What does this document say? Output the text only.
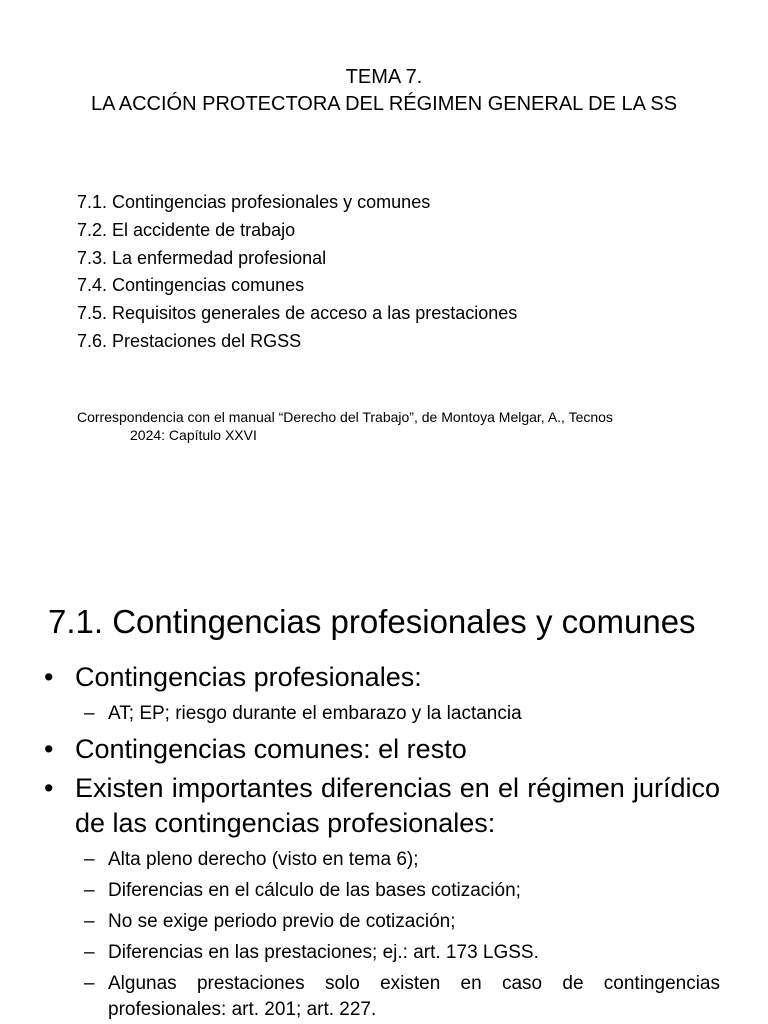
TEMA 7.
LA ACCIÓN PROTECTORA DEL RÉGIMEN GENERAL DE LA SS
7.1. Contingencias profesionales y comunes
7.2. El accidente de trabajo
7.3. La enfermedad profesional
7.4. Contingencias comunes
7.5. Requisitos generales de acceso a las prestaciones
7.6. Prestaciones del RGSS
Correspondencia con el manual “Derecho del Trabajo”, de Montoya Melgar, A., Tecnos
2024: Capítulo XXVI
7.1. Contingencias profesionales y comunes
• Contingencias profesionales:
– AT; EP; riesgo durante el embarazo y la lactancia
• Contingencias comunes: el resto
• Existen importantes diferencias en el régimen jurídico de las contingencias profesionales:
– Alta pleno derecho (visto en tema 6);
– Diferencias en el cálculo de las bases cotización;
– No se exige periodo previo de cotización;
– Diferencias en las prestaciones; ej.: art. 173 LGSS.
– Algunas prestaciones solo existen en caso de contingencias profesionales: art. 201; art. 227.
